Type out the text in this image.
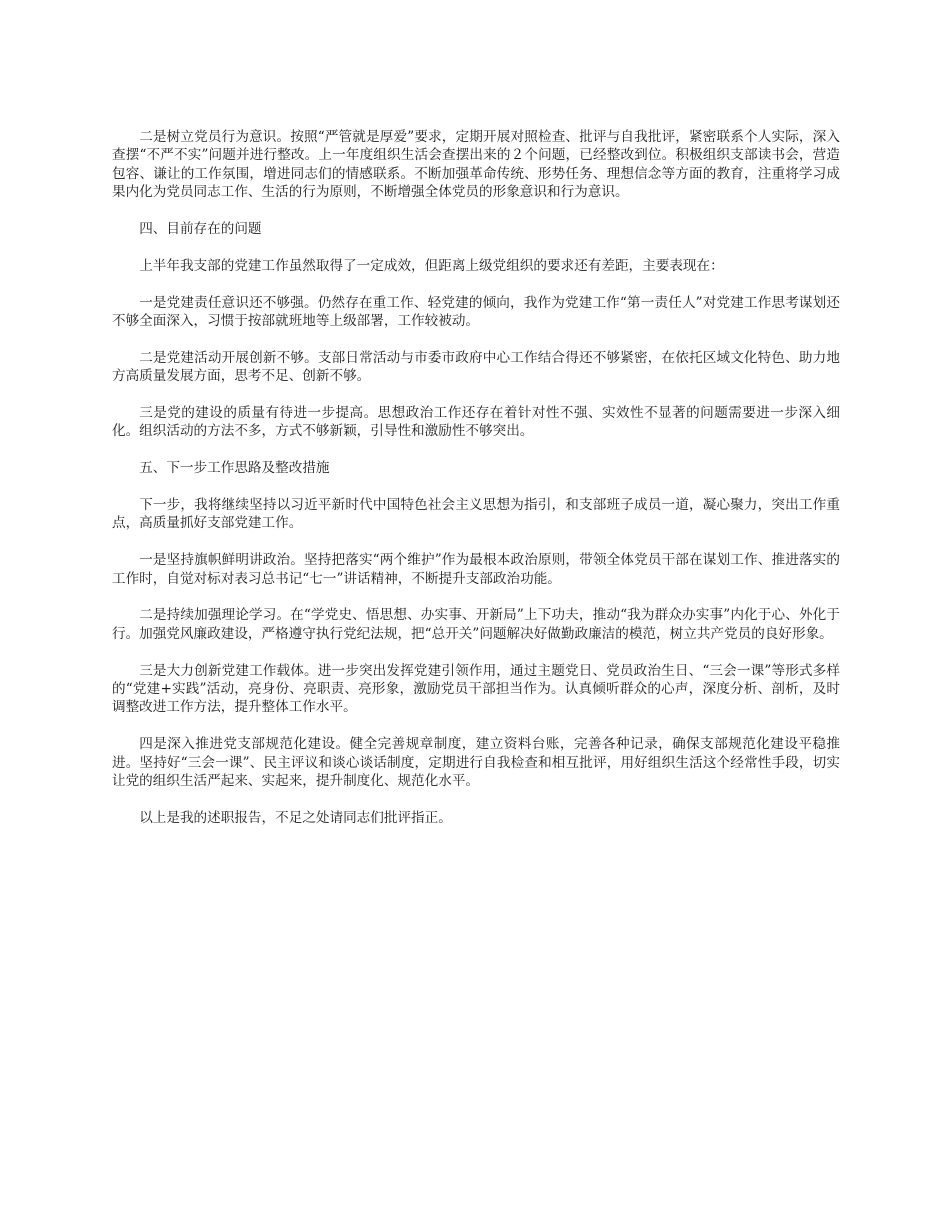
二是树立党员行为意识。按照“严管就是厚爱”要求，定期开展对照检查、批评与自我批评，紧密联系个人实际，深入查摆“不严不实”问题并进行整改。上一年度组织生活会查摆出来的２个问题，已经整改到位。积极组织支部读书会，营造包容、谦让的工作氛围，增进同志们的情感联系。不断加强革命传统、形势任务、理想信念等方面的教育，注重将学习成果内化为党员同志工作、生活的行为原则，不断增强全体党员的形象意识和行为意识。

四、目前存在的问题

上半年我支部的党建工作虽然取得了一定成效，但距离上级党组织的要求还有差距，主要表现在：

一是党建责任意识还不够强。仍然存在重工作、轻党建的倾向，我作为党建工作“第一责任人”对党建工作思考谋划还不够全面深入，习惯于按部就班地等上级部署，工作较被动。

二是党建活动开展创新不够。支部日常活动与市委市政府中心工作结合得还不够紧密，在依托区域文化特色、助力地方高质量发展方面，思考不足、创新不够。

三是党的建设的质量有待进一步提高。思想政治工作还存在着针对性不强、实效性不显著的问题需要进一步深入细化。组织活动的方法不多，方式不够新颖，引导性和激励性不够突出。

五、下一步工作思路及整改措施

下一步，我将继续坚持以习近平新时代中国特色社会主义思想为指引，和支部班子成员一道，凝心聚力，突出工作重点，高质量抓好支部党建工作。

一是坚持旗帜鲜明讲政治。坚持把落实“两个维护”作为最根本政治原则，带领全体党员干部在谋划工作、推进落实的工作时，自觉对标对表习总书记“七一”讲话精神，不断提升支部政治功能。

二是持续加强理论学习。在“学党史、悟思想、办实事、开新局”上下功夫，推动“我为群众办实事”内化于心、外化于行。加强党风廉政建设，严格遵守执行党纪法规，把“总开关”问题解决好做勤政廉洁的模范，树立共产党员的良好形象。

三是大力创新党建工作载体。进一步突出发挥党建引领作用，通过主题党日、党员政治生日、“三会一课”等形式多样的“党建+实践”活动，亮身份、亮职责、亮形象，激励党员干部担当作为。认真倾听群众的心声，深度分析、剖析，及时调整改进工作方法，提升整体工作水平。

四是深入推进党支部规范化建设。健全完善规章制度，建立资料台账，完善各种记录，确保支部规范化建设平稳推进。坚持好“三会一课”、民主评议和谈心谈话制度，定期进行自我检查和相互批评，用好组织生活这个经常性手段，切实让党的组织生活严起来、实起来，提升制度化、规范化水平。

以上是我的述职报告，不足之处请同志们批评指正。
